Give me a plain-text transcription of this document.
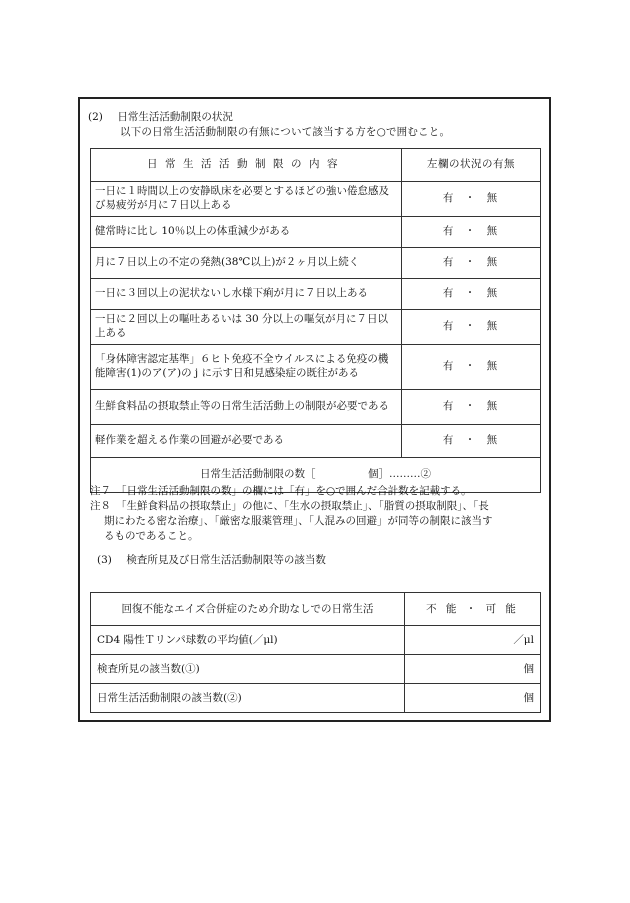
(2) 日常生活活動制限の状況
以下の日常生活活動制限の有無について該当する方を○で囲むこと。
日常生活活動制限の内容	左欄の状況の有無
一日に１時間以上の安静臥床を必要とするほどの強い倦怠感及び易疲労が月に７日以上ある	有 ・ 無
健常時に比し 10％以上の体重減少がある	有 ・ 無
月に７日以上の不定の発熱(38℃以上)が２ヶ月以上続く	有 ・ 無
一日に３回以上の泥状ないし水様下痢が月に７日以上ある	有 ・ 無
一日に２回以上の嘔吐あるいは 30 分以上の嘔気が月に７日以上ある	有 ・ 無
「身体障害認定基準」６ヒト免疫不全ウイルスによる免疫の機能障害(1)のア(ア)の j に示す日和見感染症の既往がある	有 ・ 無
生鮮食料品の摂取禁止等の日常生活活動上の制限が必要である	有 ・ 無
軽作業を超える作業の回避が必要である	有 ・ 無
日常生活活動制限の数［　　　　　個］………②	
注７ 「日常生活活動制限の数」の欄には「有」を○で囲んだ合計数を記載する。
注８ 「生鮮食料品の摂取禁止」の他に、「生水の摂取禁止」、「脂質の摂取制限」、「長
期にわたる密な治療」、「厳密な服薬管理」、「人混みの回避」が同等の制限に該当す
るものであること。
(3) 検査所見及び日常生活活動制限等の該当数
回復不能なエイズ合併症のため介助なしでの日常生活	不 能 ・ 可 能
CD4 陽性Ｔリンパ球数の平均値(／μl)	／μl
検査所見の該当数(①)	個
日常生活活動制限の該当数(②)	個
